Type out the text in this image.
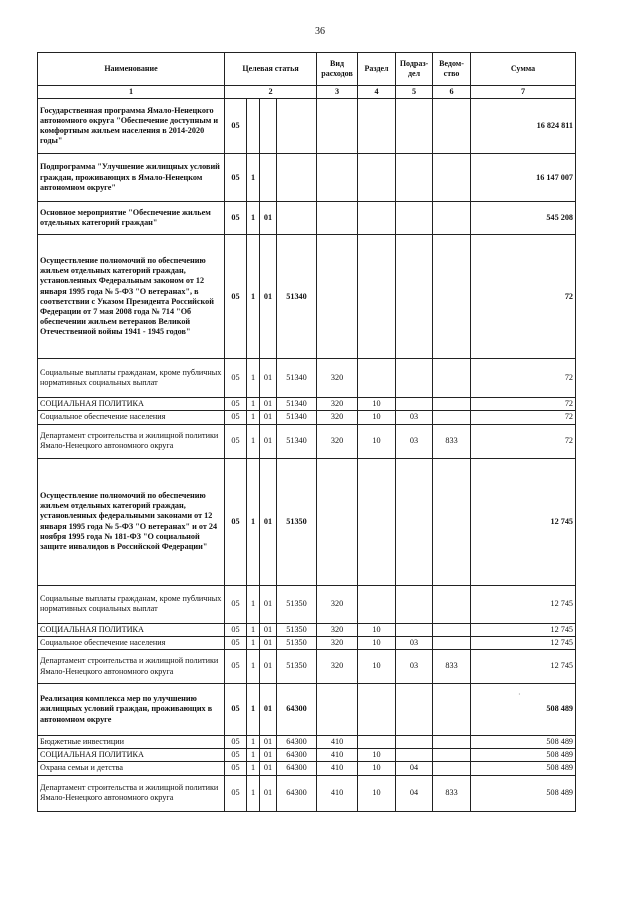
36
Наименование	Целевая статья				Вид расходов	Раздел	Подраз-дел	Ведом-ство	Сумма
1	2				3	4	5	6	7
Государственная программа Ямало-Ненецкого автономного округа "Обеспечение доступным и комфортным жильем населения в 2014-2020 годы"	05								16 824 811
Подпрограмма "Улучшение жилищных условий граждан, проживающих в Ямало-Ненецком автономном округе"	05	1							16 147 007
Основное мероприятие "Обеспечение жильем отдельных категорий граждан"	05	1	01						545 208
Осуществление полномочий по обеспечению жильем отдельных категорий граждан, установленных Федеральным законом от 12 января 1995 года № 5-ФЗ "О ветеранах", в соответствии с Указом Президента Российской Федерации от 7 мая 2008 года № 714 "Об обеспечении жильем ветеранов Великой Отечественной войны 1941 - 1945 годов"	05	1	01	51340					72
Социальные выплаты гражданам, кроме публичных нормативных социальных выплат	05	1	01	51340	320				72
СОЦИАЛЬНАЯ ПОЛИТИКА	05	1	01	51340	320	10			72
Социальное обеспечение населения	05	1	01	51340	320	10	03		72
Департамент строительства и жилищной политики Ямало-Ненецкого автономного округа	05	1	01	51340	320	10	03	833	72
Осуществление полномочий по обеспечению жильем отдельных категорий граждан, установленных федеральными законами от 12 января 1995 года № 5-ФЗ "О ветеранах" и от 24 ноября 1995 года № 181-ФЗ "О социальной защите инвалидов в Российской Федерации"	05	1	01	51350					12 745
Социальные выплаты гражданам, кроме публичных нормативных социальных выплат	05	1	01	51350	320				12 745
СОЦИАЛЬНАЯ ПОЛИТИКА	05	1	01	51350	320	10			12 745
Социальное обеспечение населения	05	1	01	51350	320	10	03		12 745
Департамент строительства и жилищной политики Ямало-Ненецкого автономного округа	05	1	01	51350	320	10	03	833	12 745
Реализация комплекса мер по улучшению жилищных условий граждан, проживающих в автономном округе	05	1	01	64300					508 489
Бюджетные инвестиции	05	1	01	64300	410				508 489
СОЦИАЛЬНАЯ ПОЛИТИКА	05	1	01	64300	410	10			508 489
Охрана семьи и детства	05	1	01	64300	410	10	04		508 489
Департамент строительства и жилищной политики Ямало-Ненецкого автономного округа	05	1	01	64300	410	10	04	833	508 489
·
